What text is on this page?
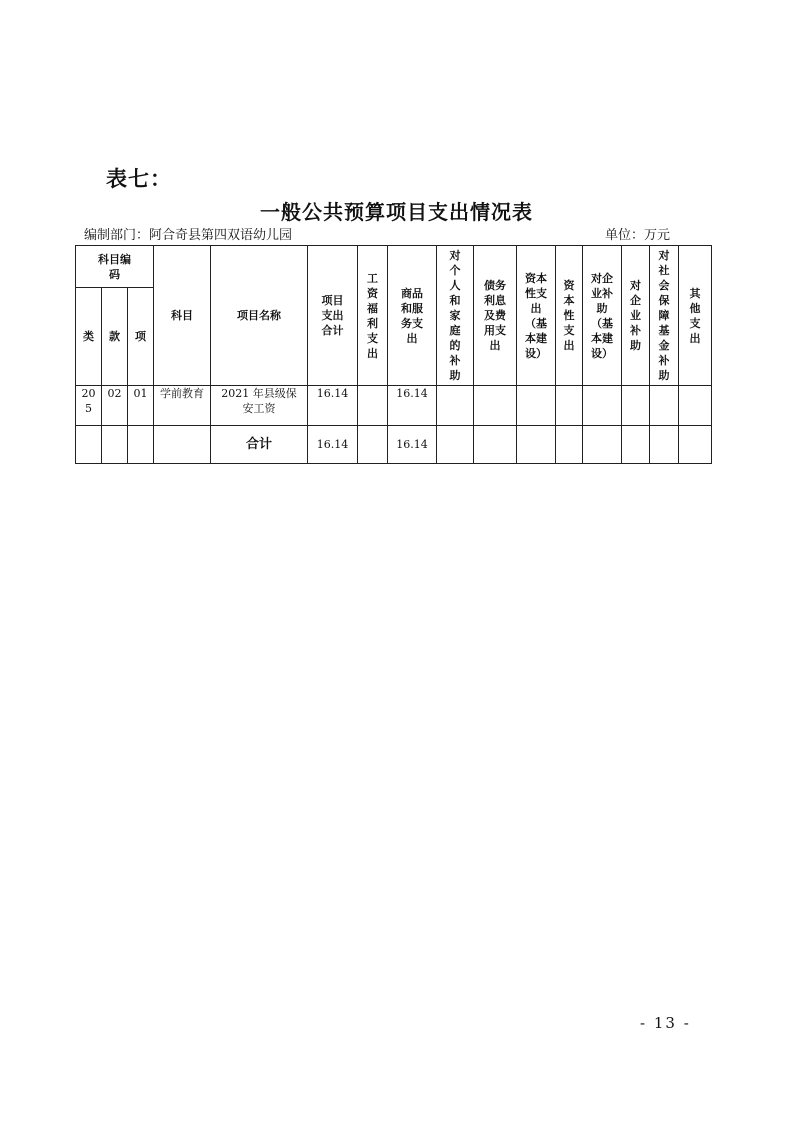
表七：
一般公共预算项目支出情况表
编制部门：阿合奇县第四双语幼儿园	单位：万元
科目编码			科目	项目名称	项目支出合计	工资福利支出	商品和服务支出	对个人和家庭的补助	债务利息及费用支出	资本性支出（基本建设）	资本性支出	对企业补助（基本建设）	对企业补助	对社会保障基金补助	其他支出
类	款	项													
205	02	01	学前教育	2021 年县级保安工资	16.14		16.14								
				合计	16.14		16.14								
- 13 -
